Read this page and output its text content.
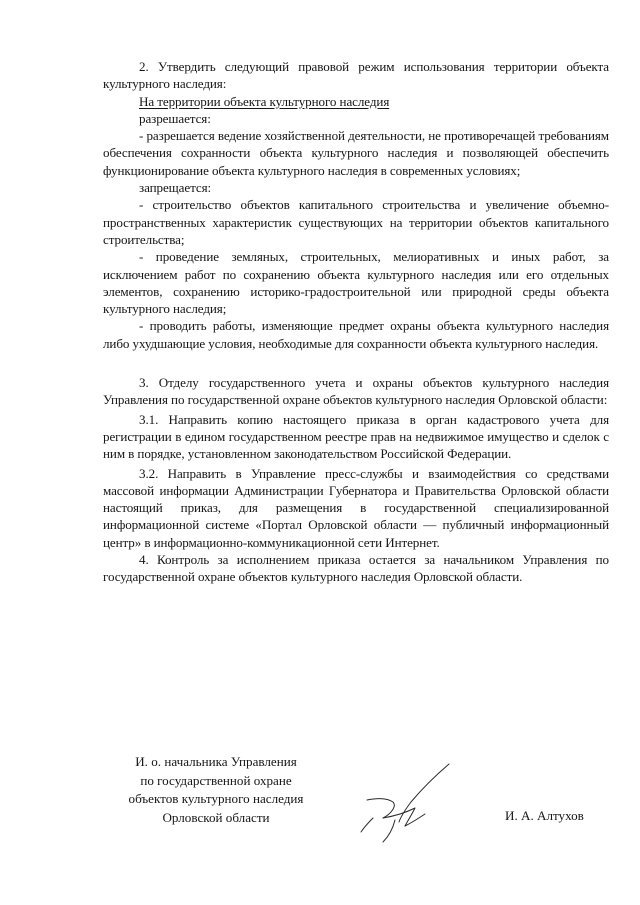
2. Утвердить следующий правовой режим использования территории объекта культурного наследия:

На территории объекта культурного наследия

разрешается:

- разрешается ведение хозяйственной деятельности, не противоречащей требованиям обеспечения сохранности объекта культурного наследия и позволяющей обеспечить функционирование объекта культурного наследия в современных условиях;

запрещается:

- строительство объектов капитального строительства и увеличение объемно-пространственных характеристик существующих на территории объектов капитального строительства;

- проведение земляных, строительных, мелиоративных и иных работ, за исключением работ по сохранению объекта культурного наследия или его отдельных элементов, сохранению историко-градостроительной или природной среды объекта культурного наследия;

- проводить работы, изменяющие предмет охраны объекта культурного наследия либо ухудшающие условия, необходимые для сохранности объекта культурного наследия.

3. Отделу государственного учета и охраны объектов культурного наследия Управления по государственной охране объектов культурного наследия Орловской области:

3.1. Направить копию настоящего приказа в орган кадастрового учета для регистрации в едином государственном реестре прав на недвижимое имущество и сделок с ним в порядке, установленном законодательством Российской Федерации.

3.2. Направить в Управление пресс-службы и взаимодействия со средствами массовой информации Администрации Губернатора и Правительства Орловской области настоящий приказ, для размещения в государственной специализированной информационной системе «Портал Орловской области — публичный информационный центр» в информационно-коммуникационной сети Интернет.

4. Контроль за исполнением приказа остается за начальником Управления по государственной охране объектов культурного наследия Орловской области.

И. о. начальника Управления
по государственной охране
объектов культурного наследия
Орловской области	И. А. Алтухов
